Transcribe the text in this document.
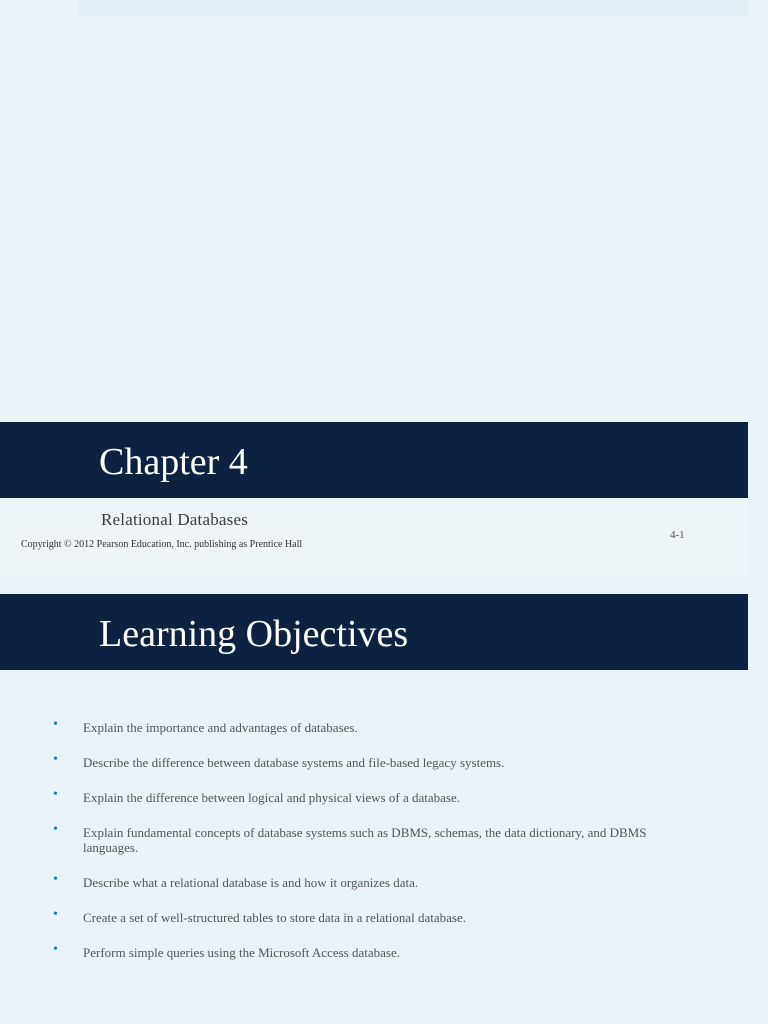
Chapter 4
Relational Databases
Copyright © 2012 Pearson Education, Inc. publishing as Prentice Hall
4-1
Learning Objectives
• Explain the importance and advantages of databases.
• Describe the difference between database systems and file-based legacy systems.
• Explain the difference between logical and physical views of a database.
• Explain fundamental concepts of database systems such as DBMS, schemas, the data dictionary, and DBMS languages.
• Describe what a relational database is and how it organizes data.
• Create a set of well-structured tables to store data in a relational database.
• Perform simple queries using the Microsoft Access database.
